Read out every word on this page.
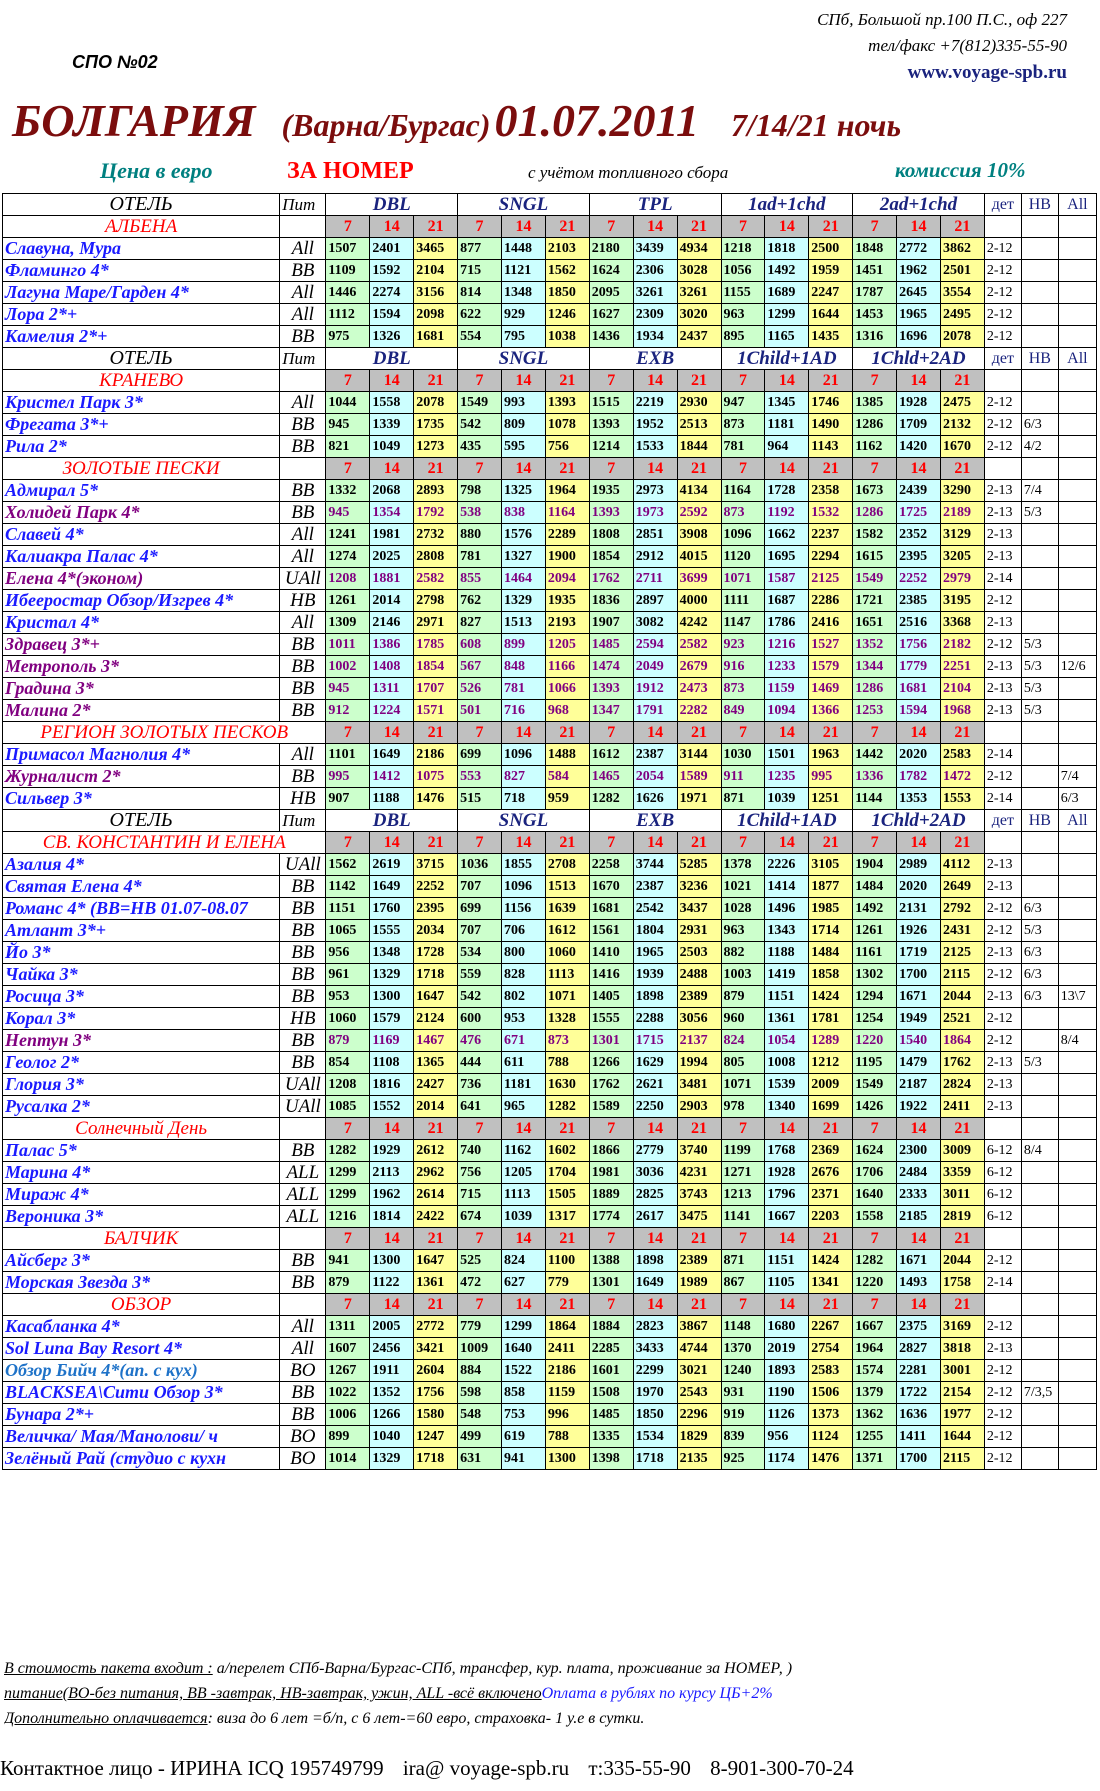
СПб, Большой пр.100 П.С., оф 227
тел/факс +7(812)335-55-90
www.voyage-spb.ru
СПО №02
БОЛГАРИЯ (Варна/Бургас) 01.07.2011 7/14/21 ночь
Цена в евро	ЗА НОМЕР	с учётом топливного сбора	комиссия 10%
ОТЕЛЬ	Пит	DBL			SNGL			TPL			1ad+1chd			2ad+1chd			дет	HB	All
АЛБЕНА		7	14	21	7	14	21	7	14	21	7	14	21	7	14	21			
Славуна, Мура	All	1507	2401	3465	877	1448	2103	2180	3439	4934	1218	1818	2500	1848	2772	3862	2-12		
Фламинго 4*	BB	1109	1592	2104	715	1121	1562	1624	2306	3028	1056	1492	1959	1451	1962	2501	2-12		
Лагуна Маре/Гарден 4*	All	1446	2274	3156	814	1348	1850	2095	3261	3261	1155	1689	2247	1787	2645	3554	2-12		
Лора 2*+	All	1112	1594	2098	622	929	1246	1627	2309	3020	963	1299	1644	1453	1965	2495	2-12		
Камелия 2*+	BB	975	1326	1681	554	795	1038	1436	1934	2437	895	1165	1435	1316	1696	2078	2-12		
ОТЕЛЬ	Пит	DBL			SNGL			EXB			1Child+1AD			1Chld+2AD			дет	HB	All
КРАНЕВО		7	14	21	7	14	21	7	14	21	7	14	21	7	14	21			
Кристел Парк 3*	All	1044	1558	2078	1549	993	1393	1515	2219	2930	947	1345	1746	1385	1928	2475	2-12		
Фрегата 3*+	BB	945	1339	1735	542	809	1078	1393	1952	2513	873	1181	1490	1286	1709	2132	2-12	6/3	
Рила 2*	BB	821	1049	1273	435	595	756	1214	1533	1844	781	964	1143	1162	1420	1670	2-12	4/2	
ЗОЛОТЫЕ ПЕСКИ		7	14	21	7	14	21	7	14	21	7	14	21	7	14	21			
Адмирал 5*	BB	1332	2068	2893	798	1325	1964	1935	2973	4134	1164	1728	2358	1673	2439	3290	2-13	7/4	
Холидей Парк 4*	BB	945	1354	1792	538	838	1164	1393	1973	2592	873	1192	1532	1286	1725	2189	2-13	5/3	
Славей 4*	All	1241	1981	2732	880	1576	2289	1808	2851	3908	1096	1662	2237	1582	2352	3129	2-13		
Калиакра Палас 4*	All	1274	2025	2808	781	1327	1900	1854	2912	4015	1120	1695	2294	1615	2395	3205	2-13		
Елена 4*(эконом)	UAll	1208	1881	2582	855	1464	2094	1762	2711	3699	1071	1587	2125	1549	2252	2979	2-14		
Ибееростар Обзор/Изгрев 4*	HB	1261	2014	2798	762	1329	1935	1836	2897	4000	1111	1687	2286	1721	2385	3195	2-12		
Кристал 4*	All	1309	2146	2971	827	1513	2193	1907	3082	4242	1147	1786	2416	1651	2516	3368	2-13		
Здравец 3*+	BB	1011	1386	1785	608	899	1205	1485	2594	2582	923	1216	1527	1352	1756	2182	2-12	5/3	
Метрополь 3*	BB	1002	1408	1854	567	848	1166	1474	2049	2679	916	1233	1579	1344	1779	2251	2-13	5/3	12/6
Градина 3*	BB	945	1311	1707	526	781	1066	1393	1912	2473	873	1159	1469	1286	1681	2104	2-13	5/3	
Малина 2*	BB	912	1224	1571	501	716	968	1347	1791	2282	849	1094	1366	1253	1594	1968	2-13	5/3	
РЕГИОН ЗОЛОТЫХ ПЕСКОВ		7	14	21	7	14	21	7	14	21	7	14	21	7	14	21			
Примасол Магнолия 4*	All	1101	1649	2186	699	1096	1488	1612	2387	3144	1030	1501	1963	1442	2020	2583	2-14		
Журналист 2*	BB	995	1412	1075	553	827	584	1465	2054	1589	911	1235	995	1336	1782	1472	2-12		7/4
Сильвер 3*	HB	907	1188	1476	515	718	959	1282	1626	1971	871	1039	1251	1144	1353	1553	2-14		6/3
ОТЕЛЬ	Пит	DBL			SNGL			EXB			1Child+1AD			1Chld+2AD			дет	HB	All
СВ. КОНСТАНТИН И ЕЛЕНА		7	14	21	7	14	21	7	14	21	7	14	21	7	14	21			
Азалия 4*	UAll	1562	2619	3715	1036	1855	2708	2258	3744	5285	1378	2226	3105	1904	2989	4112	2-13		
Святая Елена 4*	BB	1142	1649	2252	707	1096	1513	1670	2387	3236	1021	1414	1877	1484	2020	2649	2-13		
Романс 4* (BB=HB 01.07-08.07	BB	1151	1760	2395	699	1156	1639	1681	2542	3437	1028	1496	1985	1492	2131	2792	2-12	6/3	
Атлант 3*+	BB	1065	1555	2034	707	706	1612	1561	1804	2931	963	1343	1714	1261	1926	2431	2-12	5/3	
Йо 3*	BB	956	1348	1728	534	800	1060	1410	1965	2503	882	1188	1484	1161	1719	2125	2-13	6/3	
Чайка 3*	BB	961	1329	1718	559	828	1113	1416	1939	2488	1003	1419	1858	1302	1700	2115	2-12	6/3	
Росица 3*	BB	953	1300	1647	542	802	1071	1405	1898	2389	879	1151	1424	1294	1671	2044	2-13	6/3	13\7
Корал 3*	HB	1060	1579	2124	600	953	1328	1555	2288	3056	960	1361	1781	1254	1949	2521	2-12		
Нептун 3*	BB	879	1169	1467	476	671	873	1301	1715	2137	824	1054	1289	1220	1540	1864	2-12		8/4
Геолог 2*	BB	854	1108	1365	444	611	788	1266	1629	1994	805	1008	1212	1195	1479	1762	2-13	5/3	
Глория 3*	UAll	1208	1816	2427	736	1181	1630	1762	2621	3481	1071	1539	2009	1549	2187	2824	2-13		
Русалка 2*	UAll	1085	1552	2014	641	965	1282	1589	2250	2903	978	1340	1699	1426	1922	2411	2-13		
Солнечный День		7	14	21	7	14	21	7	14	21	7	14	21	7	14	21			
Палас 5*	BB	1282	1929	2612	740	1162	1602	1866	2779	3740	1199	1768	2369	1624	2300	3009	6-12	8/4	
Марина 4*	ALL	1299	2113	2962	756	1205	1704	1981	3036	4231	1271	1928	2676	1706	2484	3359	6-12		
Мираж 4*	ALL	1299	1962	2614	715	1113	1505	1889	2825	3743	1213	1796	2371	1640	2333	3011	6-12		
Вероника 3*	ALL	1216	1814	2422	674	1039	1317	1774	2617	3475	1141	1667	2203	1558	2185	2819	6-12		
БАЛЧИК		7	14	21	7	14	21	7	14	21	7	14	21	7	14	21			
Айсберг 3*	BB	941	1300	1647	525	824	1100	1388	1898	2389	871	1151	1424	1282	1671	2044	2-12		
Морская Звезда 3*	BB	879	1122	1361	472	627	779	1301	1649	1989	867	1105	1341	1220	1493	1758	2-14		
ОБЗОР		7	14	21	7	14	21	7	14	21	7	14	21	7	14	21			
Касабланка 4*	All	1311	2005	2772	779	1299	1864	1884	2823	3867	1148	1680	2267	1667	2375	3169	2-12		
Sol Luna Bay Resort 4*	All	1607	2456	3421	1009	1640	2411	2285	3433	4744	1370	2019	2754	1964	2827	3818	2-13		
Обзор Бийч 4*(ап. с кух)	BO	1267	1911	2604	884	1522	2186	1601	2299	3021	1240	1893	2583	1574	2281	3001	2-12		
BLACKSEA\Сити Обзор 3*	BB	1022	1352	1756	598	858	1159	1508	1970	2543	931	1190	1506	1379	1722	2154	2-12	7/3,5	
Бунара 2*+	BB	1006	1266	1580	548	753	996	1485	1850	2296	919	1126	1373	1362	1636	1977	2-12		
Величка/ Мая/Манолови/ ч	BO	899	1040	1247	499	619	788	1335	1534	1829	839	956	1124	1255	1411	1644	2-12		
Зелёный Рай (студио с кухн	BO	1014	1329	1718	631	941	1300	1398	1718	2135	925	1174	1476	1371	1700	2115	2-12		
В стоимость пакета входит : а/перелет СПб-Варна/Бургас-СПб, трансфер, кур. плата, проживание за НОМЕР, )
питание(BO-без питания, BB -завтрак, HB-завтрак, ужин, ALL -всё включеноОплата в рублях по курсу ЦБ+2%
Дополнительно оплачивается: виза до 6 лет =б/п, с 6 лет-=60 евро, страховка- 1 у.е в сутки.
Контактное лицо - ИРИНА ICQ 195749799 ira@ voyage-spb.ru т:335-55-90 8-901-300-70-24
